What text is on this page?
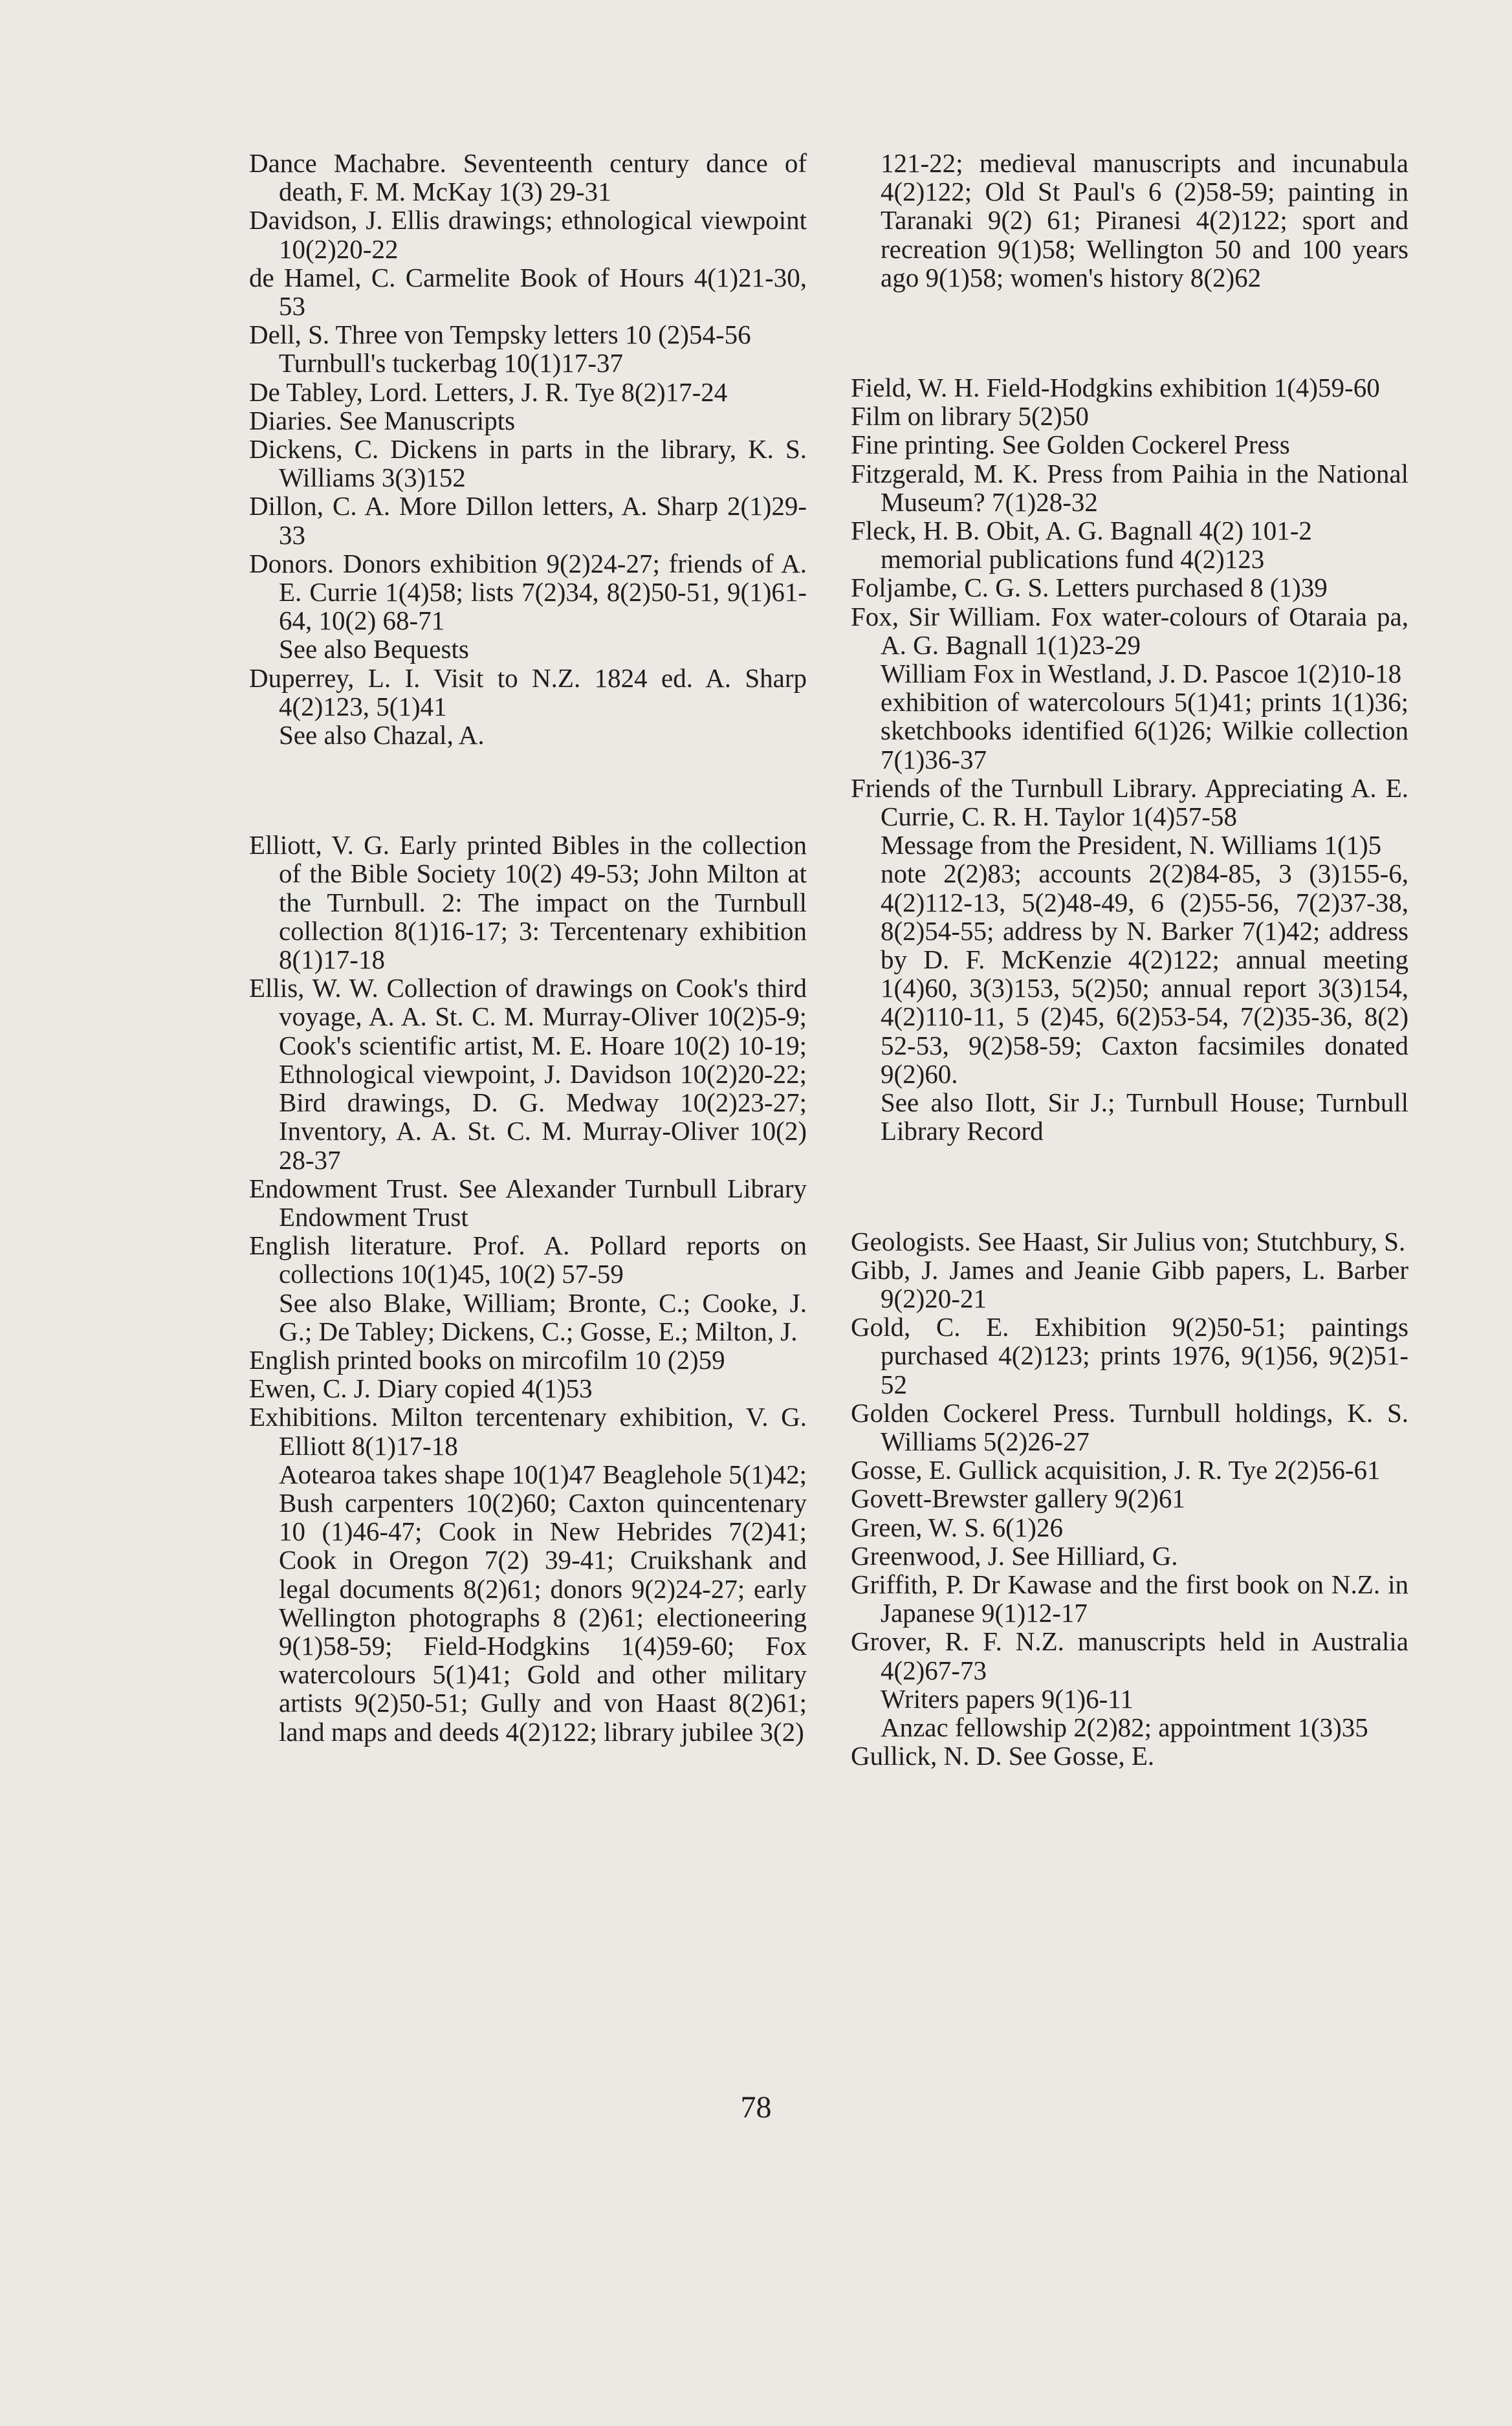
Dance Machabre. Seventeenth century dance of death, F. M. McKay 1(3) 29-31

Davidson, J. Ellis drawings; ethnological viewpoint 10(2)20-22

de Hamel, C. Carmelite Book of Hours 4(1)21-30, 53

Dell, S. Three von Tempsky letters 10 (2)54-56

Turnbull's tuckerbag 10(1)17-37

De Tabley, Lord. Letters, J. R. Tye 8(2)17-24

Diaries. See Manuscripts

Dickens, C. Dickens in parts in the library, K. S. Williams 3(3)152

Dillon, C. A. More Dillon letters, A. Sharp 2(1)29-33

Donors. Donors exhibition 9(2)24-27; friends of A. E. Currie 1(4)58; lists 7(2)34, 8(2)50-51, 9(1)61-64, 10(2) 68-71

See also Bequests

Duperrey, L. I. Visit to N.Z. 1824 ed. A. Sharp 4(2)123, 5(1)41

See also Chazal, A.

Elliott, V. G. Early printed Bibles in the collection of the Bible Society 10(2) 49-53; John Milton at the Turnbull. 2: The impact on the Turnbull collection 8(1)16-17; 3: Tercentenary exhibition 8(1)17-18

Ellis, W. W. Collection of drawings on Cook's third voyage, A. A. St. C. M. Murray-Oliver 10(2)5-9; Cook's scientific artist, M. E. Hoare 10(2) 10-19; Ethnological viewpoint, J. Davidson 10(2)20-22; Bird drawings, D. G. Medway 10(2)23-27; Inventory, A. A. St. C. M. Murray-Oliver 10(2) 28-37

Endowment Trust. See Alexander Turnbull Library Endowment Trust

English literature. Prof. A. Pollard reports on collections 10(1)45, 10(2) 57-59

See also Blake, William; Bronte, C.; Cooke, J. G.; De Tabley; Dickens, C.; Gosse, E.; Milton, J.

English printed books on mircofilm 10 (2)59

Ewen, C. J. Diary copied 4(1)53

Exhibitions. Milton tercentenary exhibition, V. G. Elliott 8(1)17-18

Aotearoa takes shape 10(1)47 Beaglehole 5(1)42; Bush carpenters 10(2)60; Caxton quincentenary 10 (1)46-47; Cook in New Hebrides 7(2)41; Cook in Oregon 7(2) 39-41; Cruikshank and legal documents 8(2)61; donors 9(2)24-27; early Wellington photographs 8 (2)61; electioneering 9(1)58-59; Field-Hodgkins 1(4)59-60; Fox watercolours 5(1)41; Gold and other military artists 9(2)50-51; Gully and von Haast 8(2)61; land maps and deeds 4(2)122; library jubilee 3(2)

121-22; medieval manuscripts and incunabula 4(2)122; Old St Paul's 6 (2)58-59; painting in Taranaki 9(2) 61; Piranesi 4(2)122; sport and recreation 9(1)58; Wellington 50 and 100 years ago 9(1)58; women's history 8(2)62

Field, W. H. Field-Hodgkins exhibition 1(4)59-60

Film on library 5(2)50

Fine printing. See Golden Cockerel Press

Fitzgerald, M. K. Press from Paihia in the National Museum? 7(1)28-32

Fleck, H. B. Obit, A. G. Bagnall 4(2) 101-2

memorial publications fund 4(2)123

Foljambe, C. G. S. Letters purchased 8 (1)39

Fox, Sir William. Fox water-colours of Otaraia pa, A. G. Bagnall 1(1)23-29

William Fox in Westland, J. D. Pascoe 1(2)10-18

exhibition of watercolours 5(1)41; prints 1(1)36; sketchbooks identified 6(1)26; Wilkie collection 7(1)36-37

Friends of the Turnbull Library. Appreciating A. E. Currie, C. R. H. Taylor 1(4)57-58

Message from the President, N. Williams 1(1)5

note 2(2)83; accounts 2(2)84-85, 3 (3)155-6, 4(2)112-13, 5(2)48-49, 6 (2)55-56, 7(2)37-38, 8(2)54-55; address by N. Barker 7(1)42; address by D. F. McKenzie 4(2)122; annual meeting 1(4)60, 3(3)153, 5(2)50; annual report 3(3)154, 4(2)110-11, 5 (2)45, 6(2)53-54, 7(2)35-36, 8(2) 52-53, 9(2)58-59; Caxton facsimiles donated 9(2)60.

See also Ilott, Sir J.; Turnbull House; Turnbull Library Record

Geologists. See Haast, Sir Julius von; Stutchbury, S.

Gibb, J. James and Jeanie Gibb papers, L. Barber 9(2)20-21

Gold, C. E. Exhibition 9(2)50-51; paintings purchased 4(2)123; prints 1976, 9(1)56, 9(2)51-52

Golden Cockerel Press. Turnbull holdings, K. S. Williams 5(2)26-27

Gosse, E. Gullick acquisition, J. R. Tye 2(2)56-61

Govett-Brewster gallery 9(2)61

Green, W. S. 6(1)26

Greenwood, J. See Hilliard, G.

Griffith, P. Dr Kawase and the first book on N.Z. in Japanese 9(1)12-17

Grover, R. F. N.Z. manuscripts held in Australia 4(2)67-73

Writers papers 9(1)6-11

Anzac fellowship 2(2)82; appointment 1(3)35

Gullick, N. D. See Gosse, E.

78
